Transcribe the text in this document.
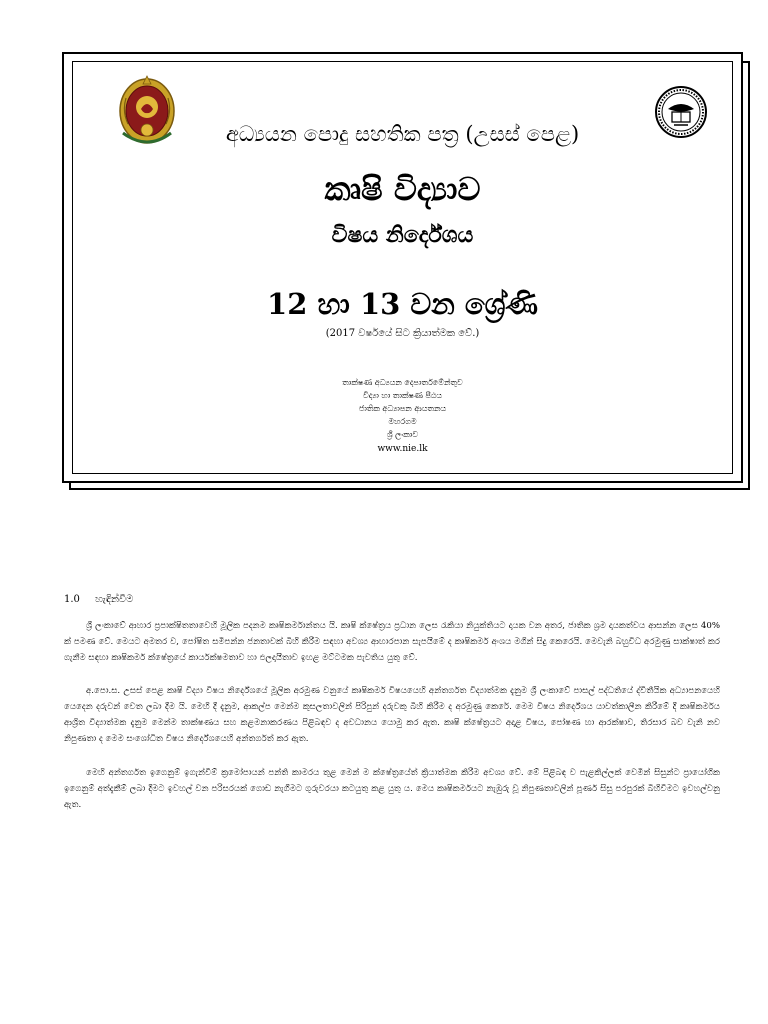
අධ්‍යයන පොදු සහතික පත්‍ර (උසස් පෙළ)
කෘෂි විද්‍යාව
විෂය නිර්දේශය
12 හා 13 වන ශ්‍රේණි
(2017 වර්ෂයේ සිට ක්‍රියාත්මක වේ.)
තාක්ෂණ අධ්‍යයන දෙපාර්තමේන්තුව
විද්‍යා හා තාක්ෂණ පීඨය
ජාතික අධ්‍යාපන ආයතනය
මහරගම
ශ්‍රී ලංකාව
www.nie.lk
1.0 හැඳින්වීම

ශ්‍රී ලංකාවේ ආහාර ප්‍රපාක්ෂිතතාවෙහි මූලික පදනම කෘෂිකර්මාන්තය යි. කෘෂි ක්ෂේත්‍රය ප්‍රධාන ලෙස රැකියා නියුක්තියට දායක වන අතර, ජාතික ශ්‍රම දායකත්වය ආසන්න ලෙස 40% ක් පමණ වේ. මෙයට අමතර ව, පෝෂිත සමිපන්න ජනතාවක් බිහි කිරීම සඳහා අවශ්‍ය ආහාරපාන සැපයීමේ ද කෘෂිකර්ම අංශය මගින් සිදු කෙරෙයි. මෙවැනි බහුවිධ අරමුණු සාක්ෂාත් කර ගැනීම සඳහා කෘෂිකර්ම ක්ෂේත්‍රයේ කාර්යක්ෂමතාව හා ඵලදායීතාව ඉහළ මට්ටමක පැවතිය යුතු වේ.

අ.පො.ස. උසස් පෙළ කෘෂි විද්‍යා විෂය නිර්දේශයේ මූලික අරමුණ වනුයේ කෘෂිකර්ම විෂයයෙහි අන්තර්ගත විද්‍යාත්මක දැනුම ශ්‍රී ලංකාවේ පාසල් පද්ධතියේ ද්විතීයික අධ්‍යාපනයෙහි යෙදෙන දරුවන් වෙත ලබා දීම යි. මෙහි දී දැනුම, ආකල්ප මෙන්ම කුසලතාවලින් පිරිපුන් දරුවකු බිහි කිරීම ද අරමුණු කෙරේ. මෙම විෂය නිර්දේශය යාවත්කාලීන කිරීමේ දී කෘෂිකර්මය ආශ්‍රිත විද්‍යාත්මක දැනුම මෙන්ම තාක්ෂණය සහ කළමනාකරණය පිළිබඳව ද අවධානය යොමු කර ඇත. කෘෂි ක්ෂේත්‍රයට අදාළ විෂය, පෝෂණ හා ආරක්ෂාව, තිරසාර බව වැනි නව නිපුණතා ද මෙම සංශෝධිත විෂය නිර්දේශයෙහි අන්තර්ගත් කර ඇත.

මෙහි අන්තර්ගත ඉගෙනුම් ඉගැන්වීම් ක්‍රමෝපායන් පන්ති කාමරය තුළ මෙන් ම ක්ෂේත්‍රයේත් ක්‍රියාත්මක කිරීම අවශ්‍ය වේ. මේ පිළිබඳ ව පැළකිල්ලක් වෙමින් සිසුන්ට ප්‍රායෝගික ඉගෙනුම් අත්දැකීම් ලබා දීමට ඉවහල් වන පරිසරයක් ගොඩ නැගීමට ගුරුවරයා කටයුතු කළ යුතු ය. මෙය කෘෂිකර්මයට නැඹුරු වූ නිපුණතාවලින් පූර්ණ සිසු පරපුරක් බිහිවීමට ඉවහල්වනු ඇත.
